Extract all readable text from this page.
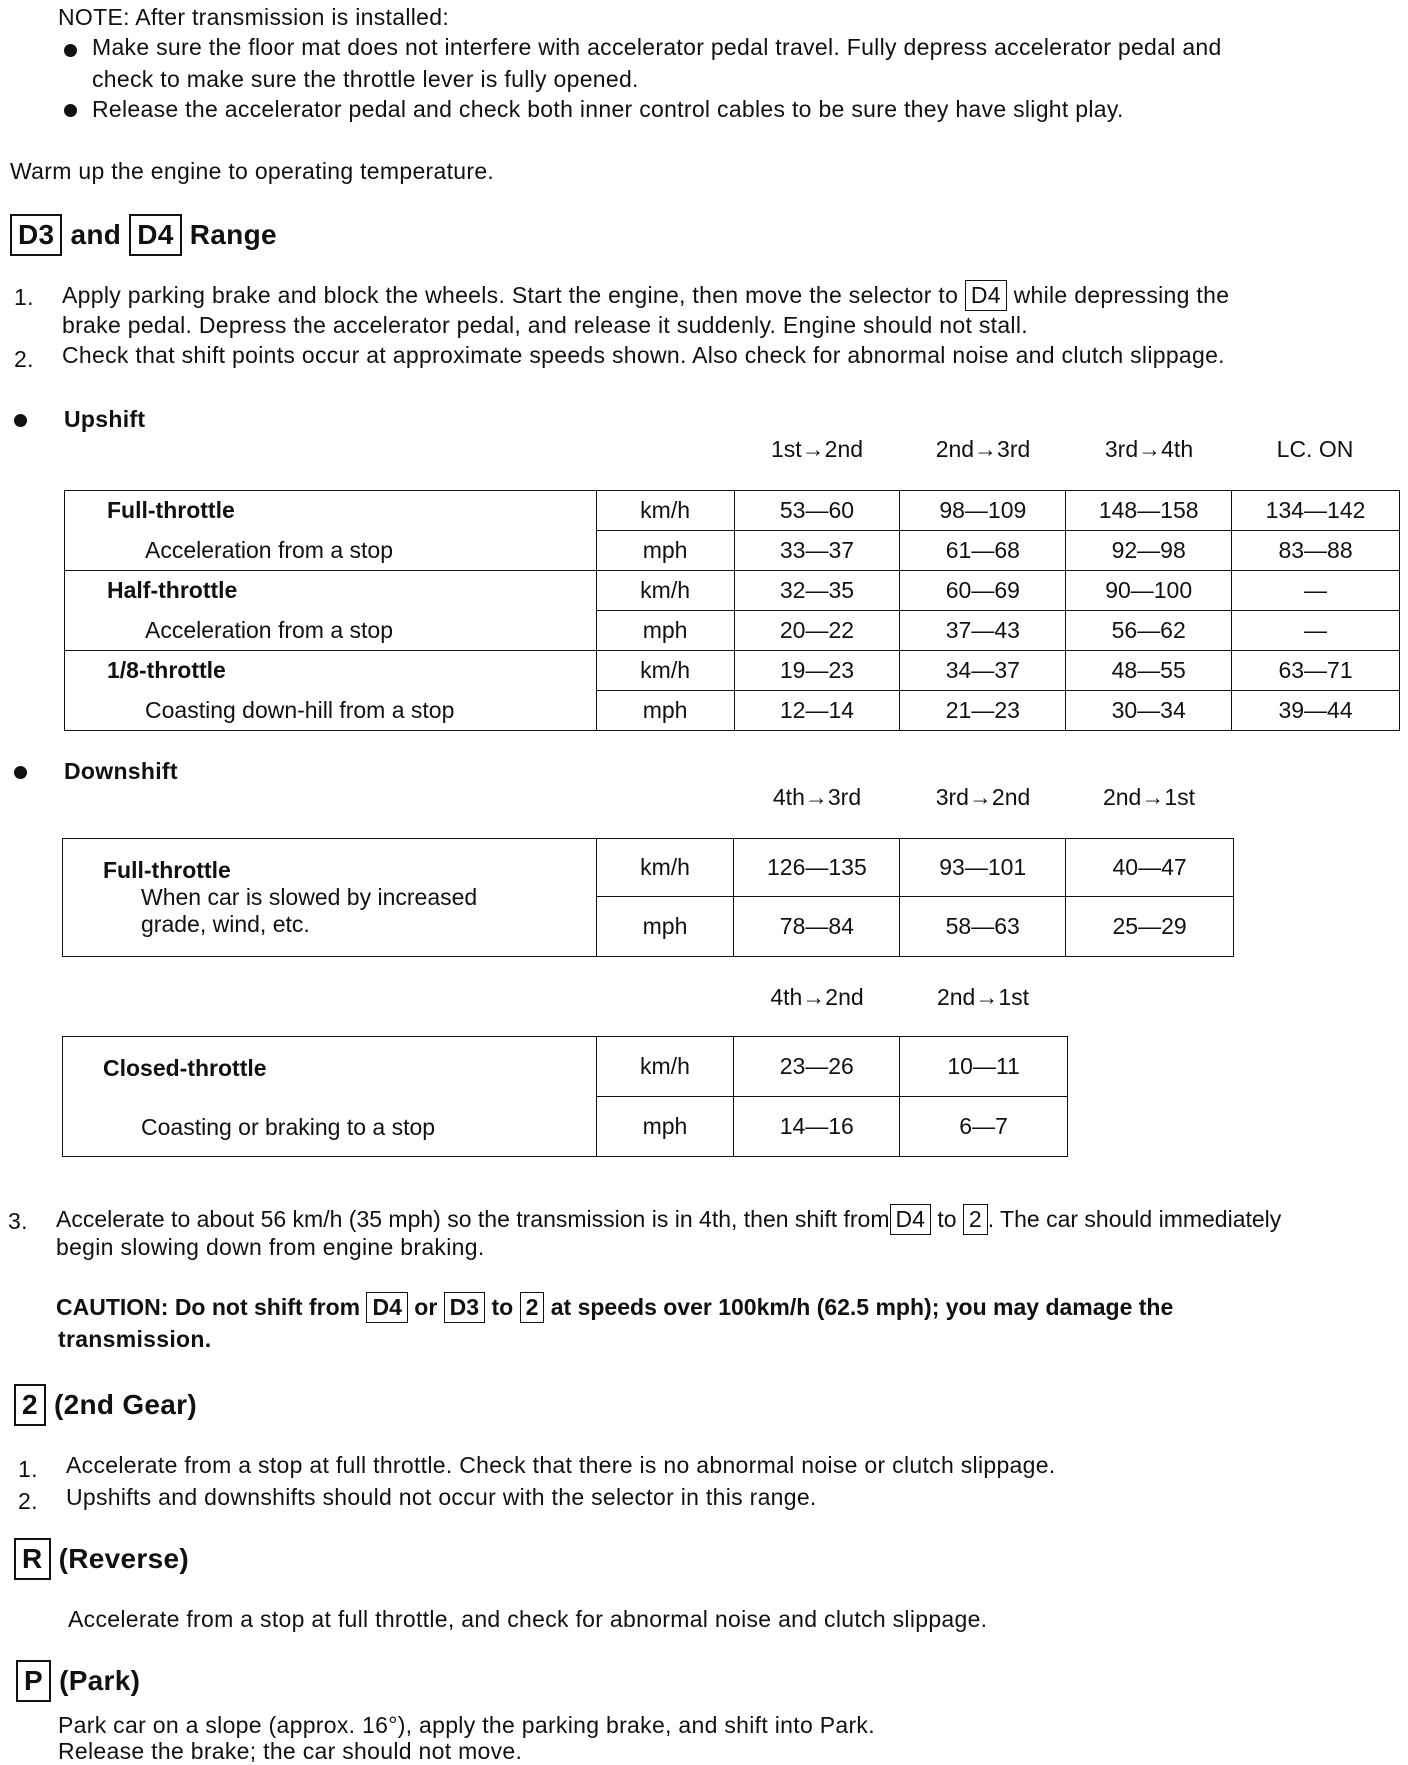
NOTE: After transmission is installed:
Make sure the floor mat does not interfere with accelerator pedal travel. Fully depress accelerator pedal and
check to make sure the throttle lever is fully opened.
Release the accelerator pedal and check both inner control cables to be sure they have slight play.
Warm up the engine to operating temperature.
D3 and D4 Range
1. Apply parking brake and block the wheels. Start the engine, then move the selector to D4 while depressing the
brake pedal. Depress the accelerator pedal, and release it suddenly. Engine should not stall.
2. Check that shift points occur at approximate speeds shown. Also check for abnormal noise and clutch slippage.
Upshift
1st→2nd	2nd→3rd	3rd→4th	LC. ON
Full-throttle	km/h	53—60	98—109	148—158	134—142
Acceleration from a stop	mph	33—37	61—68	92—98	83—88
Half-throttle	km/h	32—35	60—69	90—100	—
Acceleration from a stop	mph	20—22	37—43	56—62	—
1/8-throttle	km/h	19—23	34—37	48—55	63—71
Coasting down-hill from a stop	mph	12—14	21—23	30—34	39—44
Downshift
4th→3rd	3rd→2nd	2nd→1st
Full-throttle
When car is slowed by increased
grade, wind, etc.	km/h	126—135	93—101	40—47
	mph	78—84	58—63	25—29
4th→2nd	2nd→1st
Closed-throttle
Coasting or braking to a stop	km/h	23—26	10—11
	mph	14—16	6—7
3. Accelerate to about 56 km/h (35 mph) so the transmission is in 4th, then shift from D4 to 2 . The car should immediately
begin slowing down from engine braking.
CAUTION: Do not shift from D4 or D3 to 2 at speeds over 100km/h (62.5 mph); you may damage the
transmission.
2 (2nd Gear)
1. Accelerate from a stop at full throttle. Check that there is no abnormal noise or clutch slippage.
2. Upshifts and downshifts should not occur with the selector in this range.
R (Reverse)
Accelerate from a stop at full throttle, and check for abnormal noise and clutch slippage.
P (Park)
Park car on a slope (approx. 16°), apply the parking brake, and shift into Park.
Release the brake; the car should not move.
